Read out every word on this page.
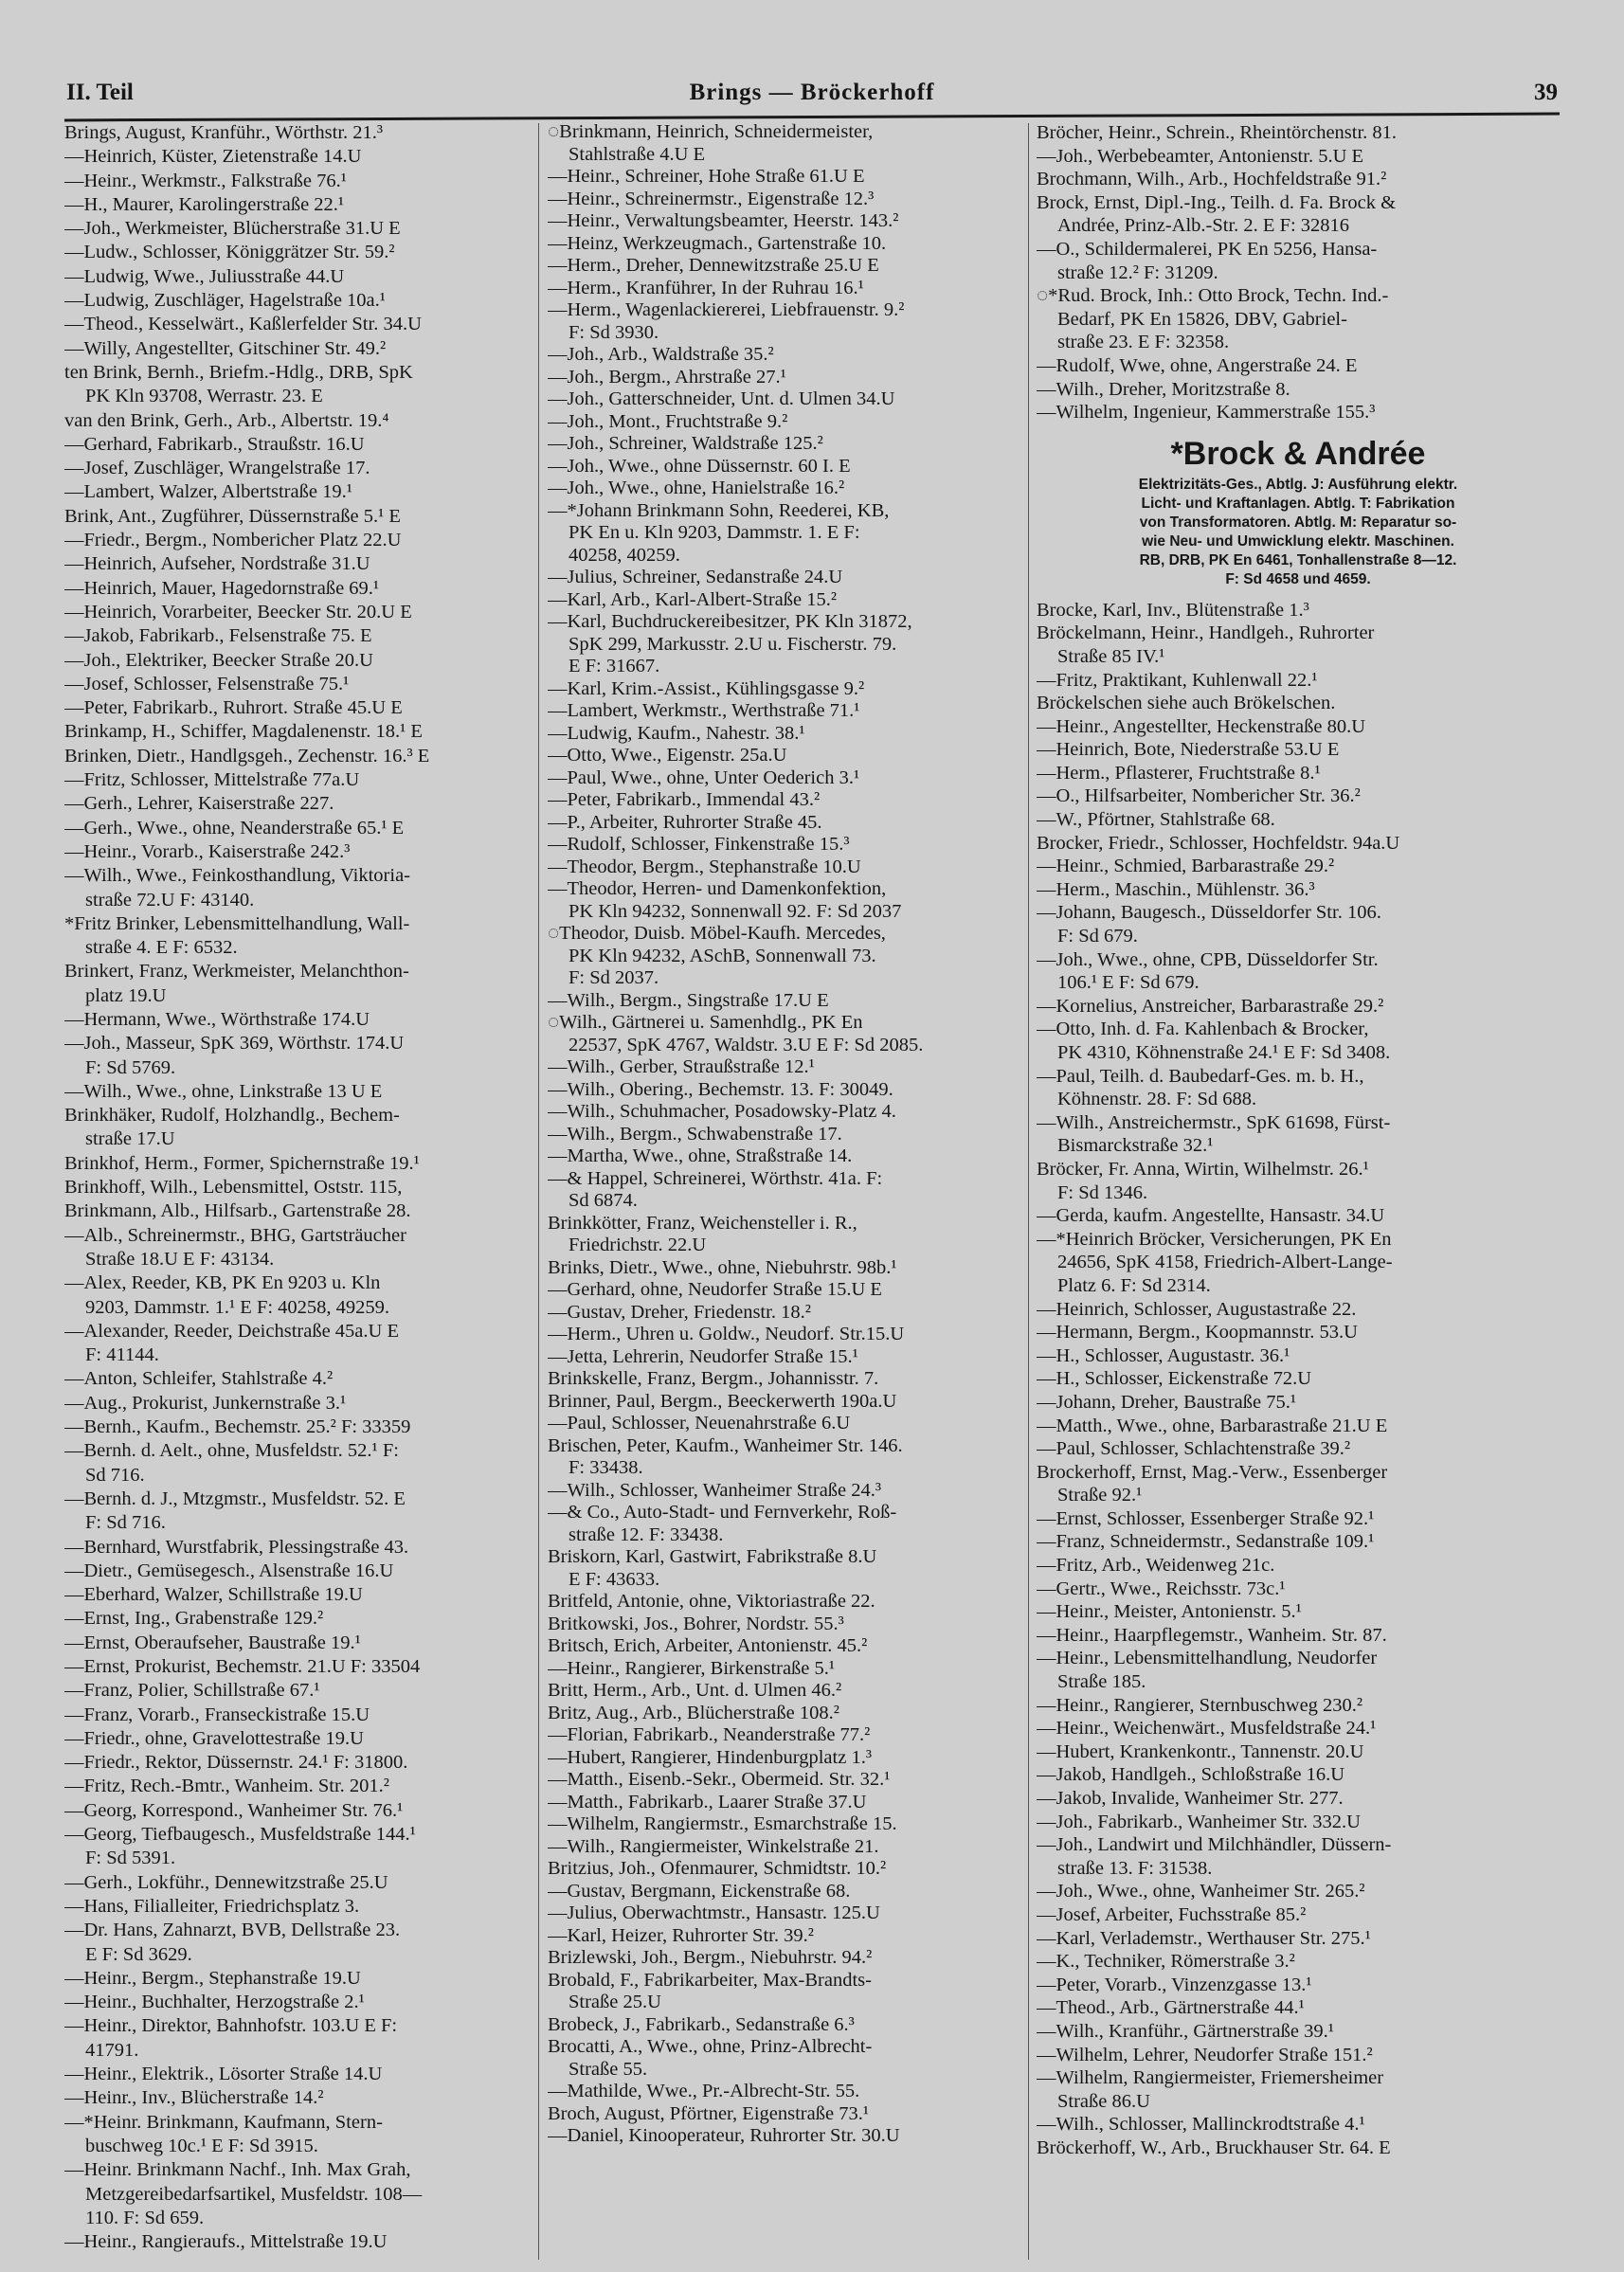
II. Teil	Brings — Bröckerhoff	39
Brings, August, Kranführ., Wörthstr. 21.³
—Heinrich, Küster, Zietenstraße 14.U
—Heinr., Werkmstr., Falkstraße 76.¹
—H., Maurer, Karolingerstraße 22.¹
—Joh., Werkmeister, Blücherstraße 31.U E
—Ludw., Schlosser, Königgrätzer Str. 59.²
—Ludwig, Wwe., Juliusstraße 44.U
—Ludwig, Zuschläger, Hagelstraße 10a.¹
—Theod., Kesselwärt., Kaßlerfelder Str. 34.U
—Willy, Angestellter, Gitschiner Str. 49.²
ten Brink, Bernh., Briefm.-Hdlg., DRB, SpK
PK Kln 93708, Werrastr. 23. E
van den Brink, Gerh., Arb., Albertstr. 19.⁴
—Gerhard, Fabrikarb., Straußstr. 16.U
—Josef, Zuschläger, Wrangelstraße 17.
—Lambert, Walzer, Albertstraße 19.¹
Brink, Ant., Zugführer, Düssernstraße 5.¹ E
—Friedr., Bergm., Nombericher Platz 22.U
—Heinrich, Aufseher, Nordstraße 31.U
—Heinrich, Mauer, Hagedornstraße 69.¹
—Heinrich, Vorarbeiter, Beecker Str. 20.U E
—Jakob, Fabrikarb., Felsenstraße 75. E
—Joh., Elektriker, Beecker Straße 20.U
—Josef, Schlosser, Felsenstraße 75.¹
—Peter, Fabrikarb., Ruhrort. Straße 45.U E
Brinkamp, H., Schiffer, Magdalenenstr. 18.¹ E
Brinken, Dietr., Handlgsgeh., Zechenstr. 16.³ E
—Fritz, Schlosser, Mittelstraße 77a.U
—Gerh., Lehrer, Kaiserstraße 227.
—Gerh., Wwe., ohne, Neanderstraße 65.¹ E
—Heinr., Vorarb., Kaiserstraße 242.³
—Wilh., Wwe., Feinkosthandlung, Viktoria-
straße 72.U F: 43140.
*Fritz Brinker, Lebensmittelhandlung, Wall-
straße 4. E F: 6532.
Brinkert, Franz, Werkmeister, Melanchthon-
platz 19.U
—Hermann, Wwe., Wörthstraße 174.U
—Joh., Masseur, SpK 369, Wörthstr. 174.U
F: Sd 5769.
—Wilh., Wwe., ohne, Linkstraße 13 U E
Brinkhäker, Rudolf, Holzhandlg., Bechem-
straße 17.U
Brinkhof, Herm., Former, Spichernstraße 19.¹
Brinkhoff, Wilh., Lebensmittel, Oststr. 115,
Brinkmann, Alb., Hilfsarb., Gartenstraße 28.
—Alb., Schreinermstr., BHG, Gartsträucher
Straße 18.U E F: 43134.
—Alex, Reeder, KB, PK En 9203 u. Kln
9203, Dammstr. 1.¹ E F: 40258, 49259.
—Alexander, Reeder, Deichstraße 45a.U E
F: 41144.
—Anton, Schleifer, Stahlstraße 4.²
—Aug., Prokurist, Junkernstraße 3.¹
—Bernh., Kaufm., Bechemstr. 25.² F: 33359
—Bernh. d. Aelt., ohne, Musfeldstr. 52.¹ F:
Sd 716.
—Bernh. d. J., Mtzgmstr., Musfeldstr. 52. E
F: Sd 716.
—Bernhard, Wurstfabrik, Plessingstraße 43.
—Dietr., Gemüsegesch., Alsenstraße 16.U
—Eberhard, Walzer, Schillstraße 19.U
—Ernst, Ing., Grabenstraße 129.²
—Ernst, Oberaufseher, Baustraße 19.¹
—Ernst, Prokurist, Bechemstr. 21.U F: 33504
—Franz, Polier, Schillstraße 67.¹
—Franz, Vorarb., Franseckistraße 15.U
—Friedr., ohne, Gravelottestraße 19.U
—Friedr., Rektor, Düssernstr. 24.¹ F: 31800.
—Fritz, Rech.-Bmtr., Wanheim. Str. 201.²
—Georg, Korrespond., Wanheimer Str. 76.¹
—Georg, Tiefbaugesch., Musfeldstraße 144.¹
F: Sd 5391.
—Gerh., Lokführ., Dennewitzstraße 25.U
—Hans, Filialleiter, Friedrichsplatz 3.
—Dr. Hans, Zahnarzt, BVB, Dellstraße 23.
E F: Sd 3629.
—Heinr., Bergm., Stephanstraße 19.U
—Heinr., Buchhalter, Herzogstraße 2.¹
—Heinr., Direktor, Bahnhofstr. 103.U E F:
41791.
—Heinr., Elektrik., Lösorter Straße 14.U
—Heinr., Inv., Blücherstraße 14.²
—*Heinr. Brinkmann, Kaufmann, Stern-
buschweg 10c.¹ E F: Sd 3915.
—Heinr. Brinkmann Nachf., Inh. Max Grah,
Metzgereibedarfsartikel, Musfeldstr. 108—
110. F: Sd 659.
—Heinr., Rangieraufs., Mittelstraße 19.U
◌Brinkmann, Heinrich, Schneidermeister,
Stahlstraße 4.U E
—Heinr., Schreiner, Hohe Straße 61.U E
—Heinr., Schreinermstr., Eigenstraße 12.³
—Heinr., Verwaltungsbeamter, Heerstr. 143.²
—Heinz, Werkzeugmach., Gartenstraße 10.
—Herm., Dreher, Dennewitzstraße 25.U E
—Herm., Kranführer, In der Ruhrau 16.¹
—Herm., Wagenlackiererei, Liebfrauenstr. 9.²
F: Sd 3930.
—Joh., Arb., Waldstraße 35.²
—Joh., Bergm., Ahrstraße 27.¹
—Joh., Gatterschneider, Unt. d. Ulmen 34.U
—Joh., Mont., Fruchtstraße 9.²
—Joh., Schreiner, Waldstraße 125.²
—Joh., Wwe., ohne Düssernstr. 60 I. E
—Joh., Wwe., ohne, Hanielstraße 16.²
—*Johann Brinkmann Sohn, Reederei, KB,
PK En u. Kln 9203, Dammstr. 1. E F:
40258, 40259.
—Julius, Schreiner, Sedanstraße 24.U
—Karl, Arb., Karl-Albert-Straße 15.²
—Karl, Buchdruckereibesitzer, PK Kln 31872,
SpK 299, Markusstr. 2.U u. Fischerstr. 79.
E F: 31667.
—Karl, Krim.-Assist., Kühlingsgasse 9.²
—Lambert, Werkmstr., Werthstraße 71.¹
—Ludwig, Kaufm., Nahestr. 38.¹
—Otto, Wwe., Eigenstr. 25a.U
—Paul, Wwe., ohne, Unter Oederich 3.¹
—Peter, Fabrikarb., Immendal 43.²
—P., Arbeiter, Ruhrorter Straße 45.
—Rudolf, Schlosser, Finkenstraße 15.³
—Theodor, Bergm., Stephanstraße 10.U
—Theodor, Herren- und Damenkonfektion,
PK Kln 94232, Sonnenwall 92. F: Sd 2037
◌Theodor, Duisb. Möbel-Kaufh. Mercedes,
PK Kln 94232, ASchB, Sonnenwall 73.
F: Sd 2037.
—Wilh., Bergm., Singstraße 17.U E
◌Wilh., Gärtnerei u. Samenhdlg., PK En
22537, SpK 4767, Waldstr. 3.U E F: Sd 2085.
—Wilh., Gerber, Straußstraße 12.¹
—Wilh., Obering., Bechemstr. 13. F: 30049.
—Wilh., Schuhmacher, Posadowsky-Platz 4.
—Wilh., Bergm., Schwabenstraße 17.
—Martha, Wwe., ohne, Straßstraße 14.
—& Happel, Schreinerei, Wörthstr. 41a. F:
Sd 6874.
Brinkkötter, Franz, Weichensteller i. R.,
Friedrichstr. 22.U
Brinks, Dietr., Wwe., ohne, Niebuhrstr. 98b.¹
—Gerhard, ohne, Neudorfer Straße 15.U E
—Gustav, Dreher, Friedenstr. 18.²
—Herm., Uhren u. Goldw., Neudorf. Str.15.U
—Jetta, Lehrerin, Neudorfer Straße 15.¹
Brinkskelle, Franz, Bergm., Johannisstr. 7.
Brinner, Paul, Bergm., Beeckerwerth 190a.U
—Paul, Schlosser, Neuenahrstraße 6.U
Brischen, Peter, Kaufm., Wanheimer Str. 146.
F: 33438.
—Wilh., Schlosser, Wanheimer Straße 24.³
—& Co., Auto-Stadt- und Fernverkehr, Roß-
straße 12. F: 33438.
Briskorn, Karl, Gastwirt, Fabrikstraße 8.U
E F: 43633.
Britfeld, Antonie, ohne, Viktoriastraße 22.
Britkowski, Jos., Bohrer, Nordstr. 55.³
Britsch, Erich, Arbeiter, Antonienstr. 45.²
—Heinr., Rangierer, Birkenstraße 5.¹
Britt, Herm., Arb., Unt. d. Ulmen 46.²
Britz, Aug., Arb., Blücherstraße 108.²
—Florian, Fabrikarb., Neanderstraße 77.²
—Hubert, Rangierer, Hindenburgplatz 1.³
—Matth., Eisenb.-Sekr., Obermeid. Str. 32.¹
—Matth., Fabrikarb., Laarer Straße 37.U
—Wilhelm, Rangiermstr., Esmarchstraße 15.
—Wilh., Rangiermeister, Winkelstraße 21.
Britzius, Joh., Ofenmaurer, Schmidtstr. 10.²
—Gustav, Bergmann, Eickenstraße 68.
—Julius, Oberwachtmstr., Hansastr. 125.U
—Karl, Heizer, Ruhrorter Str. 39.²
Brizlewski, Joh., Bergm., Niebuhrstr. 94.²
Brobald, F., Fabrikarbeiter, Max-Brandts-
Straße 25.U
Brobeck, J., Fabrikarb., Sedanstraße 6.³
Brocatti, A., Wwe., ohne, Prinz-Albrecht-
Straße 55.
—Mathilde, Wwe., Pr.-Albrecht-Str. 55.
Broch, August, Pförtner, Eigenstraße 73.¹
—Daniel, Kinooperateur, Ruhrorter Str. 30.U
Bröcher, Heinr., Schrein., Rheintörchenstr. 81.
—Joh., Werbebeamter, Antonienstr. 5.U E
Brochmann, Wilh., Arb., Hochfeldstraße 91.²
Brock, Ernst, Dipl.-Ing., Teilh. d. Fa. Brock &
Andrée, Prinz-Alb.-Str. 2. E F: 32816
—O., Schildermalerei, PK En 5256, Hansa-
straße 12.² F: 31209.
◌*Rud. Brock, Inh.: Otto Brock, Techn. Ind.-
Bedarf, PK En 15826, DBV, Gabriel-
straße 23. E F: 32358.
—Rudolf, Wwe, ohne, Angerstraße 24. E
—Wilh., Dreher, Moritzstraße 8.
—Wilhelm, Ingenieur, Kammerstraße 155.³
*Brock & Andrée
Elektrizitäts-Ges., Abtlg. J: Ausführung elektr.
Licht- und Kraftanlagen. Abtlg. T: Fabrikation
von Transformatoren. Abtlg. M: Reparatur so-
wie Neu- und Umwicklung elektr. Maschinen.
RB, DRB, PK En 6461, Tonhallenstraße 8—12.
F: Sd 4658 und 4659.
Brocke, Karl, Inv., Blütenstraße 1.³
Bröckelmann, Heinr., Handlgeh., Ruhrorter
Straße 85 IV.¹
—Fritz, Praktikant, Kuhlenwall 22.¹
Bröckelschen siehe auch Brökelschen.
—Heinr., Angestellter, Heckenstraße 80.U
—Heinrich, Bote, Niederstraße 53.U E
—Herm., Pflasterer, Fruchtstraße 8.¹
—O., Hilfsarbeiter, Nombericher Str. 36.²
—W., Pförtner, Stahlstraße 68.
Brocker, Friedr., Schlosser, Hochfeldstr. 94a.U
—Heinr., Schmied, Barbarastraße 29.²
—Herm., Maschin., Mühlenstr. 36.³
—Johann, Baugesch., Düsseldorfer Str. 106.
F: Sd 679.
—Joh., Wwe., ohne, CPB, Düsseldorfer Str.
106.¹ E F: Sd 679.
—Kornelius, Anstreicher, Barbarastraße 29.²
—Otto, Inh. d. Fa. Kahlenbach & Brocker,
PK 4310, Köhnenstraße 24.¹ E F: Sd 3408.
—Paul, Teilh. d. Baubedarf-Ges. m. b. H.,
Köhnenstr. 28. F: Sd 688.
—Wilh., Anstreichermstr., SpK 61698, Fürst-
Bismarckstraße 32.¹
Bröcker, Fr. Anna, Wirtin, Wilhelmstr. 26.¹
F: Sd 1346.
—Gerda, kaufm. Angestellte, Hansastr. 34.U
—*Heinrich Bröcker, Versicherungen, PK En
24656, SpK 4158, Friedrich-Albert-Lange-
Platz 6. F: Sd 2314.
—Heinrich, Schlosser, Augustastraße 22.
—Hermann, Bergm., Koopmannstr. 53.U
—H., Schlosser, Augustastr. 36.¹
—H., Schlosser, Eickenstraße 72.U
—Johann, Dreher, Baustraße 75.¹
—Matth., Wwe., ohne, Barbarastraße 21.U E
—Paul, Schlosser, Schlachtenstraße 39.²
Brockerhoff, Ernst, Mag.-Verw., Essenberger
Straße 92.¹
—Ernst, Schlosser, Essenberger Straße 92.¹
—Franz, Schneidermstr., Sedanstraße 109.¹
—Fritz, Arb., Weidenweg 21c.
—Gertr., Wwe., Reichsstr. 73c.¹
—Heinr., Meister, Antonienstr. 5.¹
—Heinr., Haarpflegemstr., Wanheim. Str. 87.
—Heinr., Lebensmittelhandlung, Neudorfer
Straße 185.
—Heinr., Rangierer, Sternbuschweg 230.²
—Heinr., Weichenwärt., Musfeldstraße 24.¹
—Hubert, Krankenkontr., Tannenstr. 20.U
—Jakob, Handlgeh., Schloßstraße 16.U
—Jakob, Invalide, Wanheimer Str. 277.
—Joh., Fabrikarb., Wanheimer Str. 332.U
—Joh., Landwirt und Milchhändler, Düssern-
straße 13. F: 31538.
—Joh., Wwe., ohne, Wanheimer Str. 265.²
—Josef, Arbeiter, Fuchsstraße 85.²
—Karl, Verlademstr., Werthauser Str. 275.¹
—K., Techniker, Römerstraße 3.²
—Peter, Vorarb., Vinzenzgasse 13.¹
—Theod., Arb., Gärtnerstraße 44.¹
—Wilh., Kranführ., Gärtnerstraße 39.¹
—Wilhelm, Lehrer, Neudorfer Straße 151.²
—Wilhelm, Rangiermeister, Friemersheimer
Straße 86.U
—Wilh., Schlosser, Mallinckrodtstraße 4.¹
Bröckerhoff, W., Arb., Bruckhauser Str. 64. E
